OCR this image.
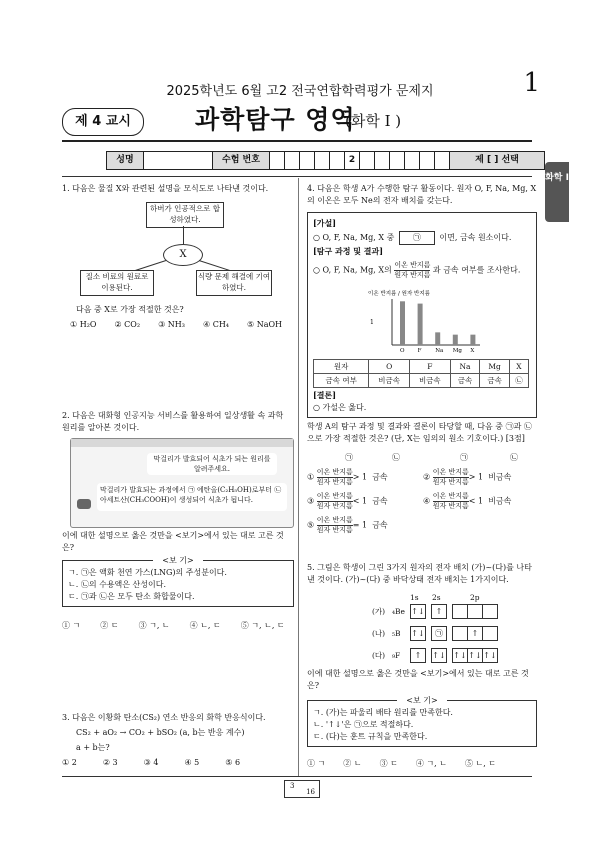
2025학년도 6월 고2 전국연합학력평가 문제지	1
제 4 교시	과학탐구 영역
(화학 I )
성명	수험 번호	2	제 [ ] 선택
화학 I
1. 다음은 물질 X와 관련된 설명을 모식도로 나타낸 것이다.
하버가 인공적으로 합성하였다.
X
질소 비료의 원료로 이용된다.
식량 문제 해결에 기여하였다.
다음 중 X로 가장 적절한 것은?
① H₂O ② CO₂ ③ NH₃ ④ CH₄ ⑤ NaOH
2. 다음은 대화형 인공지능 서비스를 활용하여 일상생활 속 과학 원리를 알아본 것이다.
막걸리가 발효되어 식초가 되는 원리를 알려주세요.
막걸리가 발효되는 과정에서 ㉠ 에탄올(C₂H₅OH)로부터 ㉡ 아세트산(CH₃COOH)이 생성되어 식초가 됩니다.
이에 대한 설명으로 옳은 것만을 <보기>에서 있는 대로 고른 것은?
<보 기>
ㄱ. ㉠은 액화 천연 가스(LNG)의 주성분이다.
ㄴ. ㉡의 수용액은 산성이다.
ㄷ. ㉠과 ㉡은 모두 탄소 화합물이다.
① ㄱ	② ㄷ	③ ㄱ, ㄴ	④ ㄴ, ㄷ	⑤ ㄱ, ㄴ, ㄷ
3. 다음은 이황화 탄소(CS₂) 연소 반응의 화학 반응식이다.
CS₂ + aO₂ → CO₂ + bSO₂ (a, b는 반응 계수)
a + b는?
① 2	② 3	③ 4	④ 5	⑤ 6
4. 다음은 학생 A가 수행한 탐구 활동이다. 원자 O, F, Na, Mg, X의 이온은 모두 Ne의 전자 배치를 갖는다.
[가설]
○ O, F, Na, Mg, X 중 ㉠ 이면, 금속 원소이다.
[탐구 과정 및 결과]
○ O, F, Na, Mg, X의 $\frac{\text{이온 반지름}}{\text{원자 반지름}}$ 과 금속 여부를 조사한다.
1
이온 반지름 / 원자 반지름
O F	Na Mg X
원자	O	F	Na	Mg	X
금속 여부	비금속	비금속	금속	금속	㉡
[결론]
○ 가설은 옳다.
학생 A의 탐구 과정 및 결과와 결론이 타당할 때, 다음 중 ㉠과 ㉡으로 가장 적절한 것은? (단, X는 임의의 원소 기호이다.) [3점]
㉠	㉡	㉠	㉡
① $\frac{\text{이온 반지름}}{\text{원자 반지름}}> 1$ 금속	② $\frac{\text{이온 반지름}}{\text{원자 반지름}}> 1$ 비금속
③ $\frac{\text{이온 반지름}}{\text{원자 반지름}}< 1$ 금속	④ $\frac{\text{이온 반지름}}{\text{원자 반지름}}< 1$ 비금속
⑤ $\frac{\text{이온 반지름}}{\text{원자 반지름}}= 1$ 금속
5. 그림은 학생이 그린 3가지 원자의 전자 배치 (가)~(다)를 나타낸 것이다. (가)~(다) 중 바닥상태 전자 배치는 1가지이다.
1s 2s	2p
(가) ₄Be ↑↓ ↑
(나) ₅B ↑↓ ㉠	↑
(다) ₉F ↑ ↑↓ ↑↓ ↑↓ ↑↓
이에 대한 설명으로 옳은 것만을 <보기>에서 있는 대로 고른 것은?
<보 기>
ㄱ. (가)는 파울리 배타 원리를 만족한다.
ㄴ. '↑↓'은 ㉠으로 적절하다.
ㄷ. (다)는 훈트 규칙을 만족한다.
① ㄱ ② ㄴ ③ ㄷ ④ ㄱ, ㄴ ⑤ ㄴ, ㄷ
3
16
